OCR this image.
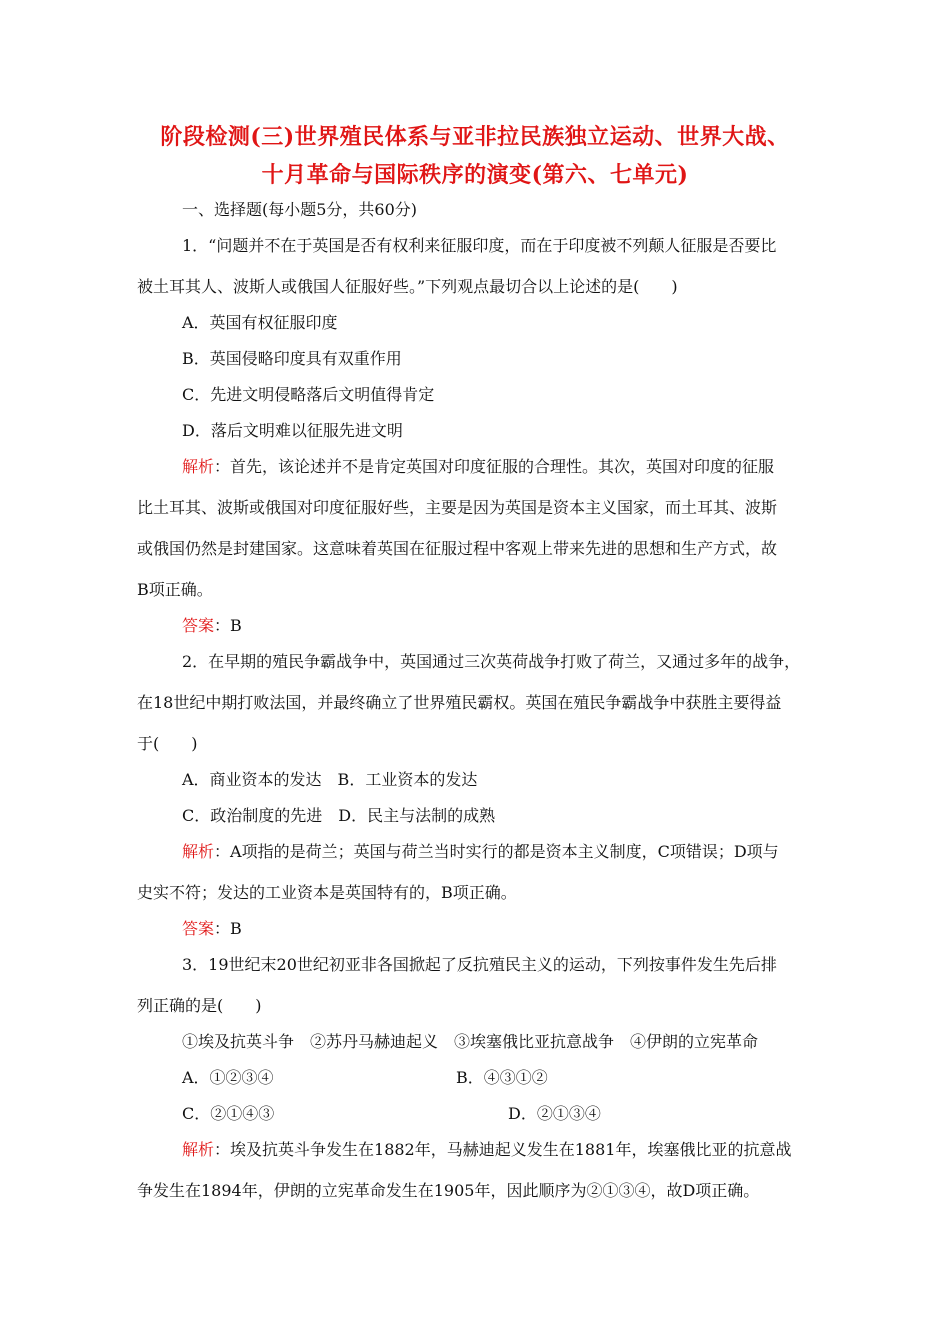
阶段检测(三)世界殖民体系与亚非拉民族独立运动、世界大战、
十月革命与国际秩序的演变(第六、七单元)
一、选择题(每小题5分，共60分)
1．“问题并不在于英国是否有权利来征服印度，而在于印度被不列颠人征服是否要比
被土耳其人、波斯人或俄国人征服好些。”下列观点最切合以上论述的是(　　)
A．英国有权征服印度
B．英国侵略印度具有双重作用
C．先进文明侵略落后文明值得肯定
D．落后文明难以征服先进文明
解析：首先，该论述并不是肯定英国对印度征服的合理性。其次，英国对印度的征服
比土耳其、波斯或俄国对印度征服好些，主要是因为英国是资本主义国家，而土耳其、波斯
或俄国仍然是封建国家。这意味着英国在征服过程中客观上带来先进的思想和生产方式，故
B项正确。
答案：B
2．在早期的殖民争霸战争中，英国通过三次英荷战争打败了荷兰，又通过多年的战争，
在18世纪中期打败法国，并最终确立了世界殖民霸权。英国在殖民争霸战争中获胜主要得益
于(　　)
A．商业资本的发达　B．工业资本的发达
C．政治制度的先进　D．民主与法制的成熟
解析：A项指的是荷兰；英国与荷兰当时实行的都是资本主义制度，C项错误；D项与
史实不符；发达的工业资本是英国特有的，B项正确。
答案：B
3．19世纪末20世纪初亚非各国掀起了反抗殖民主义的运动，下列按事件发生先后排
列正确的是(　　)
①埃及抗英斗争　②苏丹马赫迪起义　③埃塞俄比亚抗意战争　④伊朗的立宪革命
A．①②③④	B．④③①②
C．②①④③	D．②①③④
解析：埃及抗英斗争发生在1882年，马赫迪起义发生在1881年，埃塞俄比亚的抗意战
争发生在1894年，伊朗的立宪革命发生在1905年，因此顺序为②①③④，故D项正确。
